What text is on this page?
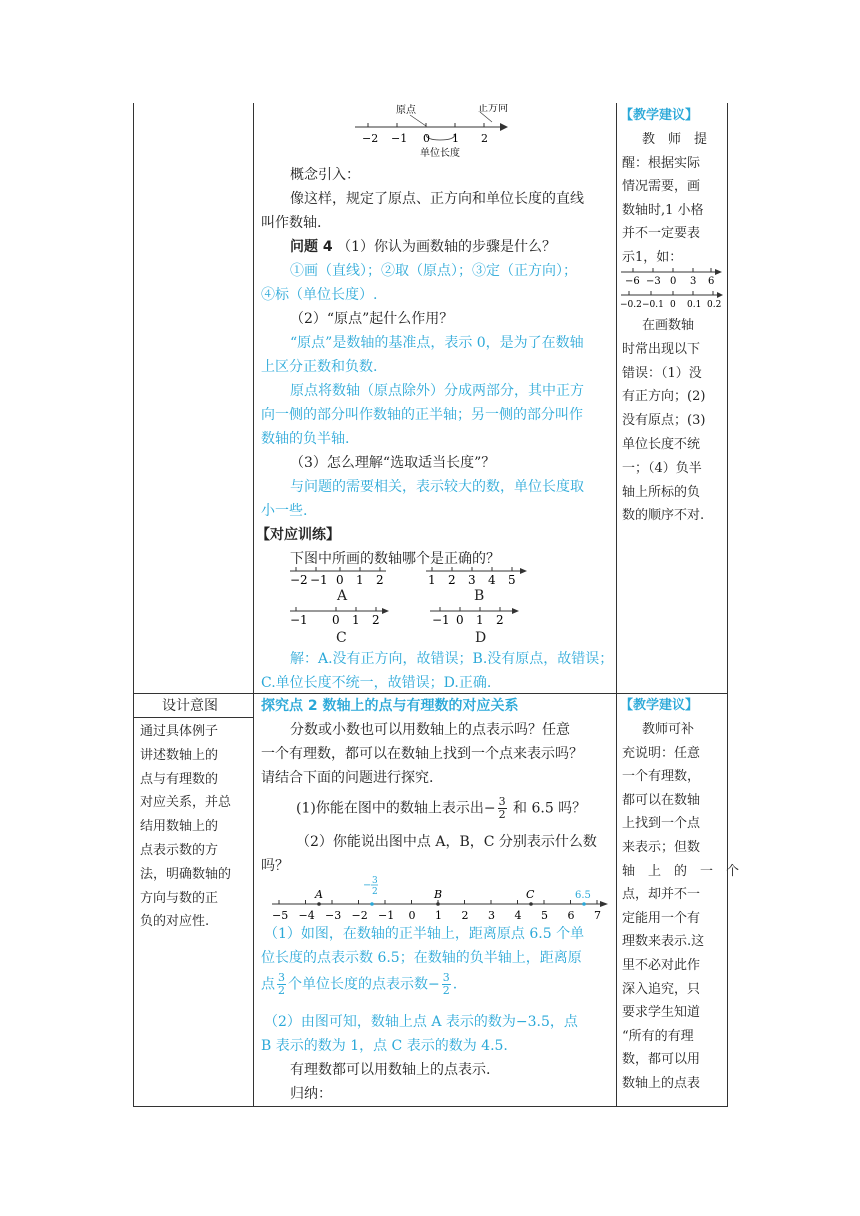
原点	正方向
单位长度
−2 −1 0 1 2
概念引入：
像这样，规定了原点、正方向和单位长度的直线
叫作数轴.
问题 4 （1）你认为画数轴的步骤是什么？
①画（直线）；②取（原点）；③定（正方向）；
④标（单位长度）.
（2）“原点”起什么作用？
“原点”是数轴的基准点，表示 0，是为了在数轴
上区分正数和负数.
原点将数轴（原点除外）分成两部分，其中正方
向一侧的部分叫作数轴的正半轴；另一侧的部分叫作
数轴的负半轴.
（3）怎么理解“选取适当长度”？
与问题的需要相关，表示较大的数，单位长度取
小一些.
【对应训练】
下图中所画的数轴哪个是正确的？
−2 −1 0 1 2
A
1 2 3 4 5
B
−1 0 1 2
C
−1 0 1 2
D
解：A.没有正方向，故错误；B.没有原点，故错误；
C.单位长度不统一，故错误；D.正确.
【教学建议】
教　师　提
醒：根据实际
情况需要，画
数轴时,1 小格
并不一定要表
示1，如：
−6 −3 0 3 6
−0.2 −0.1 0 0.1 0.2
在画数轴
时常出现以下
错误：（1）没
有正方向；(2)
没有原点；(3)
单位长度不统
一；（4）负半
轴上所标的负
数的顺序不对.
设计意图
通过具体例子
讲述数轴上的
点与有理数的
对应关系，并总
结用数轴上的
点表示数的方
法，明确数轴的
方向与数的正
负的对应性.
探究点 2 数轴上的点与有理数的对应关系
分数或小数也可以用数轴上的点表示吗？任意
一个有理数，都可以在数轴上找到一个点来表示吗？
请结合下面的问题进行探究.
(1)你能在图中的数轴上表示出− $\frac{3}{2}$ 和 6.5 吗？
（2）你能说出图中点 A，B，C 分别表示什么数
吗？
−5 −4 −3 −2 −1 0 1 2 3 4 5 6 7
A	B	C	6.5
− 3
2
（1）如图，在数轴的正半轴上，距离原点 6.5 个单
位长度的点表示数 6.5；在数轴的负半轴上，距离原
点 $\frac{3}{2}$ 个单位长度的点表示数− $\frac{3}{2}$ .
（2）由图可知，数轴上点 A 表示的数为−3.5，点
B 表示的数为 1，点 C 表示的数为 4.5.
有理数都可以用数轴上的点表示.
归纳：
【教学建议】
教师可补
充说明：任意
一个有理数，
都可以在数轴
上找到一个点
来表示；但数
轴　上　的　一　个
点，却并不一
定能用一个有
理数来表示.这
里不必对此作
深入追究，只
要求学生知道
“所有的有理
数，都可以用
数轴上的点表
